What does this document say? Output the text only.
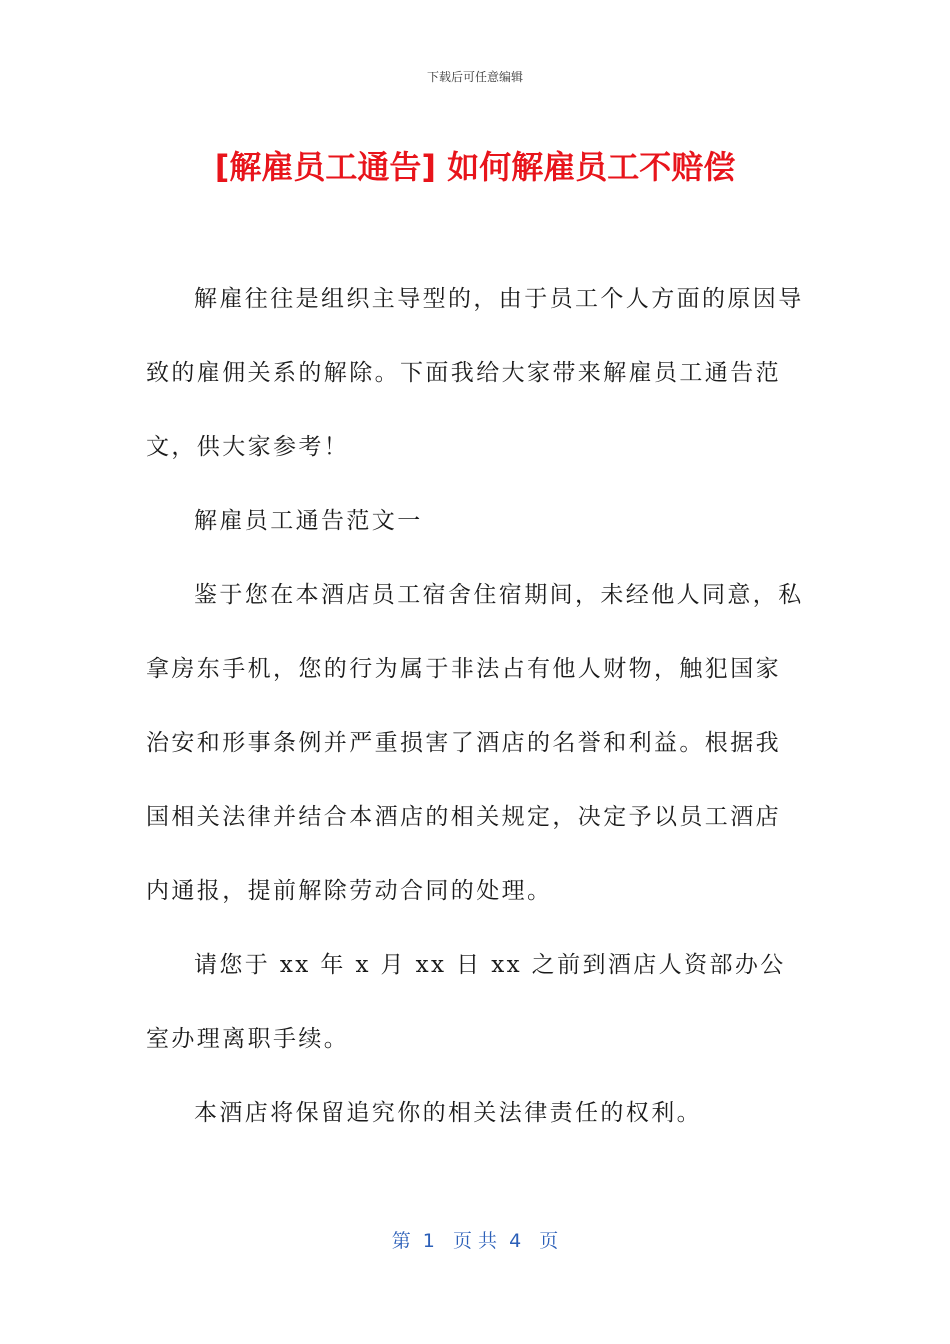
下载后可任意编辑
[解雇员工通告] 如何解雇员工不赔偿

解雇往往是组织主导型的，由于员工个人方面的原因导致的雇佣关系的解除。下面我给大家带来解雇员工通告范文，供大家参考！

解雇员工通告范文一

鉴于您在本酒店员工宿舍住宿期间，未经他人同意，私拿房东手机，您的行为属于非法占有他人财物，触犯国家治安和形事条例并严重损害了酒店的名誉和利益。根据我国相关法律并结合本酒店的相关规定，决定予以员工酒店内通报，提前解除劳动合同的处理。

请您于 xx 年 x 月 xx 日 xx 之前到酒店人资部办公室办理离职手续。

本酒店将保留追究你的相关法律责任的权利。

第  1   页 共  4   页
